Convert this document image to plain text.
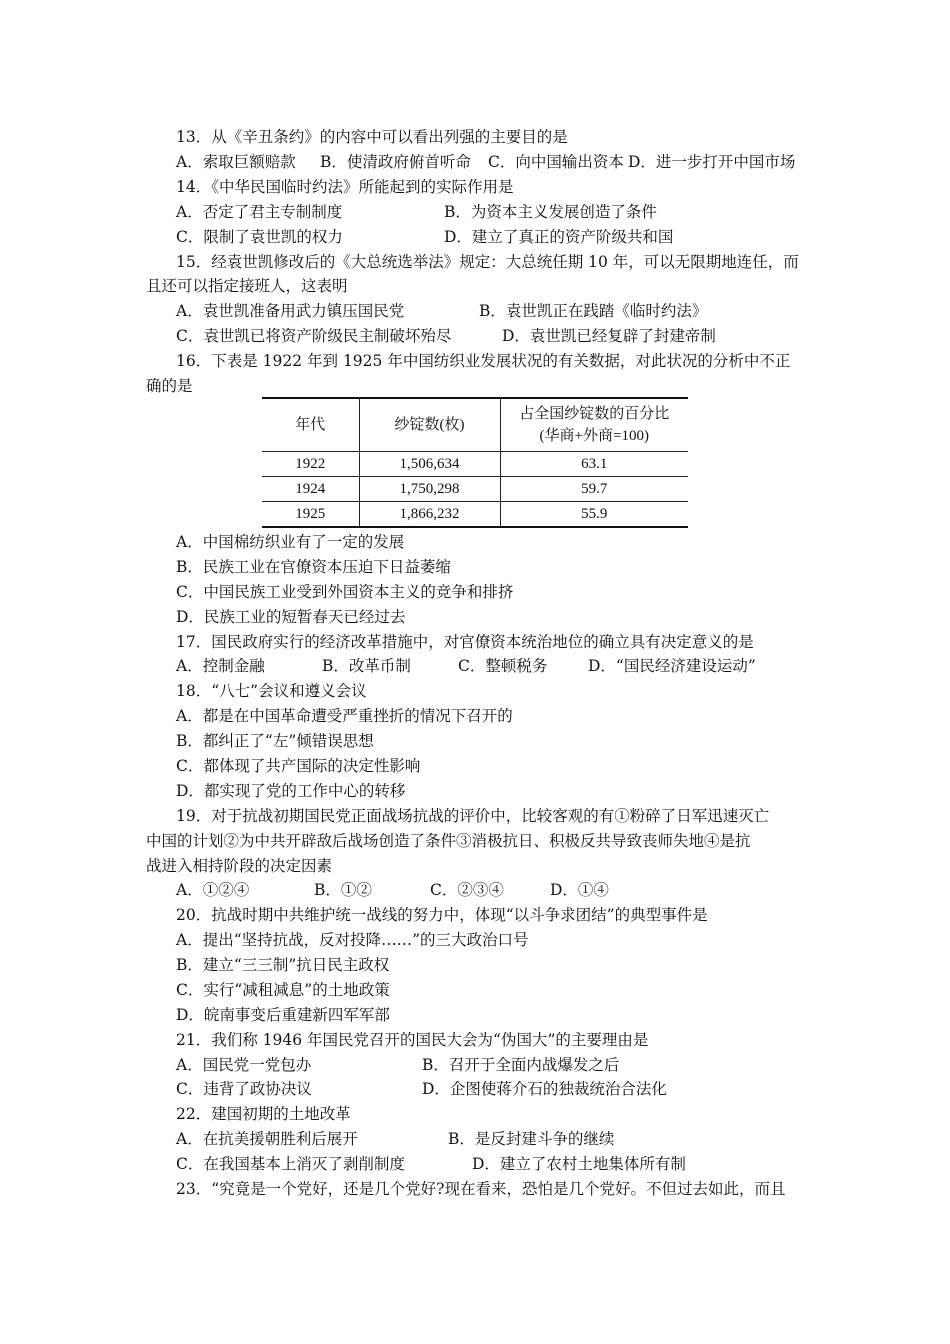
13．从《辛丑条约》的内容中可以看出列强的主要目的是
A．索取巨额赔款 B．使清政府俯首听命 C．向中国输出资本 D．进一步打开中国市场
14．《中华民国临时约法》所能起到的实际作用是
A．否定了君主专制制度	B．为资本主义发展创造了条件
C．限制了袁世凯的权力	D．建立了真正的资产阶级共和国
15．经袁世凯修改后的《大总统选举法》规定：大总统任期 10 年，可以无限期地连任，而
且还可以指定接班人，这表明
A．袁世凯准备用武力镇压国民党	B．袁世凯正在践踏《临时约法》
C．袁世凯已将资产阶级民主制破坏殆尽	D．袁世凯已经复辟了封建帝制
16．下表是 1922 年到 1925 年中国纺织业发展状况的有关数据，对此状况的分析中不正
确的是
年代	纱锭数(枚)	占全国纱锭数的百分比
(华商+外商=100)

1922	1,506,634	63.1
1924	1,750,298	59.7
1925	1,866,232	55.9
A．中国棉纺织业有了一定的发展
B．民族工业在官僚资本压迫下日益萎缩
C．中国民族工业受到外国资本主义的竞争和排挤
D．民族工业的短暂春天已经过去
17．国民政府实行的经济改革措施中，对官僚资本统治地位的确立具有决定意义的是
A．控制金融	B．改革币制	C．整顿税务	D．“国民经济建设运动”
18．“八七”会议和遵义会议
A．都是在中国革命遭受严重挫折的情况下召开的
B．都纠正了“左”倾错误思想
C．都体现了共产国际的决定性影响
D．都实现了党的工作中心的转移
19．对于抗战初期国民党正面战场抗战的评价中，比较客观的有①粉碎了日军迅速灭亡
中国的计划②为中共开辟敌后战场创造了条件③消极抗日、积极反共导致丧师失地④是抗
战进入相持阶段的决定因素
A．①②④	B．①②	C．②③④	D．①④
20．抗战时期中共维护统一战线的努力中，体现“以斗争求团结”的典型事件是
A．提出“坚持抗战，反对投降……”的三大政治口号
B．建立“三三制”抗日民主政权
C．实行“减租减息”的土地政策
D．皖南事变后重建新四军军部
21．我们称 1946 年国民党召开的国民大会为“伪国大”的主要理由是
A．国民党一党包办	B．召开于全面内战爆发之后
C．违背了政协决议	D．企图使蒋介石的独裁统治合法化
22．建国初期的土地改革
A．在抗美援朝胜利后展开	B．是反封建斗争的继续
C．在我国基本上消灭了剥削制度	D．建立了农村土地集体所有制
23．“究竟是一个党好，还是几个党好?现在看来，恐怕是几个党好。不但过去如此，而且
